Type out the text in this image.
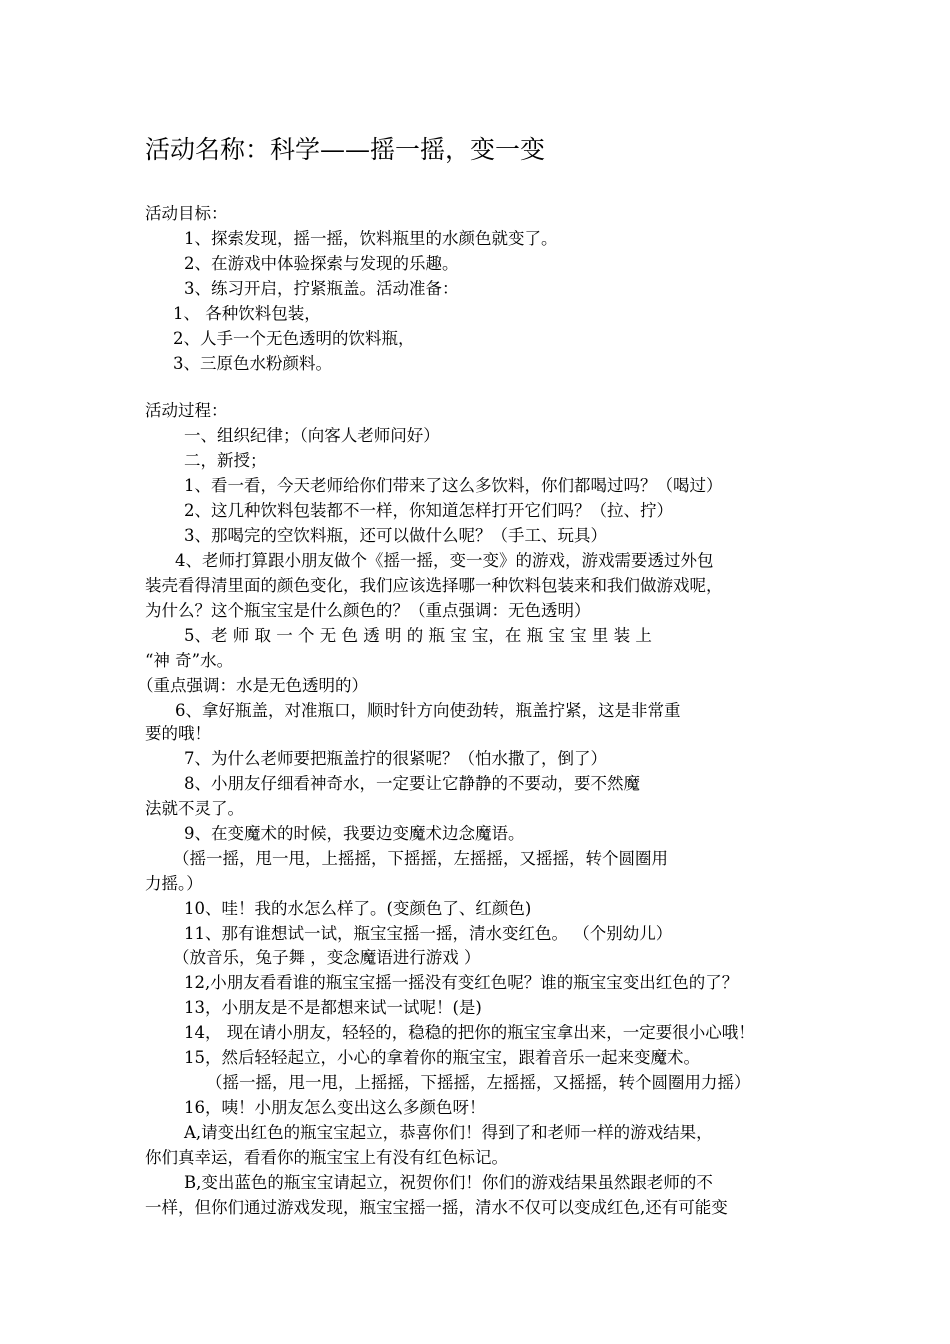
活动名称：科学——摇一摇，变一变
活动目标：
1、探索发现，摇一摇，饮料瓶里的水颜色就变了。
2、在游戏中体验探索与发现的乐趣。
3、练习开启，拧紧瓶盖。活动准备：
1、 各种饮料包装，
2、人手一个无色透明的饮料瓶，
3、三原色水粉颜料。
活动过程：
一、组织纪律；（向客人老师问好）
二，新授；
1、看一看，今天老师给你们带来了这么多饮料，你们都喝过吗？（喝过）
2、这几种饮料包装都不一样，你知道怎样打开它们吗？（拉、拧）
3、那喝完的空饮料瓶，还可以做什么呢？（手工、玩具）
4、老师打算跟小朋友做个《摇一摇，变一变》的游戏，游戏需要透过外包
装壳看得清里面的颜色变化，我们应该选择哪一种饮料包装来和我们做游戏呢，
为什么？这个瓶宝宝是什么颜色的？（重点强调：无色透明）
5、老 师 取 一 个 无 色 透 明 的 瓶 宝 宝，在 瓶 宝 宝 里 装 上
“神 奇”水。
（重点强调：水是无色透明的）
6、拿好瓶盖，对准瓶口，顺时针方向使劲转，瓶盖拧紧，这是非常重
要的哦！
7、为什么老师要把瓶盖拧的很紧呢？（怕水撒了，倒了）
8、小朋友仔细看神奇水，一定要让它静静的不要动，要不然魔
法就不灵了。
9、在变魔术的时候，我要边变魔术边念魔语。
（摇一摇，甩一甩，上摇摇，下摇摇，左摇摇，又摇摇，转个圆圈用
力摇。）
10、哇！我的水怎么样了。(变颜色了、红颜色)
11、那有谁想试一试，瓶宝宝摇一摇，清水变红色。 （个别幼儿）
（放音乐，兔子舞 ，变念魔语进行游戏 ）
12,小朋友看看谁的瓶宝宝摇一摇没有变红色呢？谁的瓶宝宝变出红色的了？
13，小朋友是不是都想来试一试呢！(是)
14， 现在请小朋友，轻轻的，稳稳的把你的瓶宝宝拿出来，一定要很小心哦！
15，然后轻轻起立，小心的拿着你的瓶宝宝，跟着音乐一起来变魔术。
（摇一摇，甩一甩，上摇摇，下摇摇，左摇摇，又摇摇，转个圆圈用力摇）
16，咦！小朋友怎么变出这么多颜色呀！
A,请变出红色的瓶宝宝起立，恭喜你们！得到了和老师一样的游戏结果，
你们真幸运，看看你的瓶宝宝上有没有红色标记。
B,变出蓝色的瓶宝宝请起立，祝贺你们！你们的游戏结果虽然跟老师的不
一样，但你们通过游戏发现，瓶宝宝摇一摇，清水不仅可以变成红色,还有可能变
